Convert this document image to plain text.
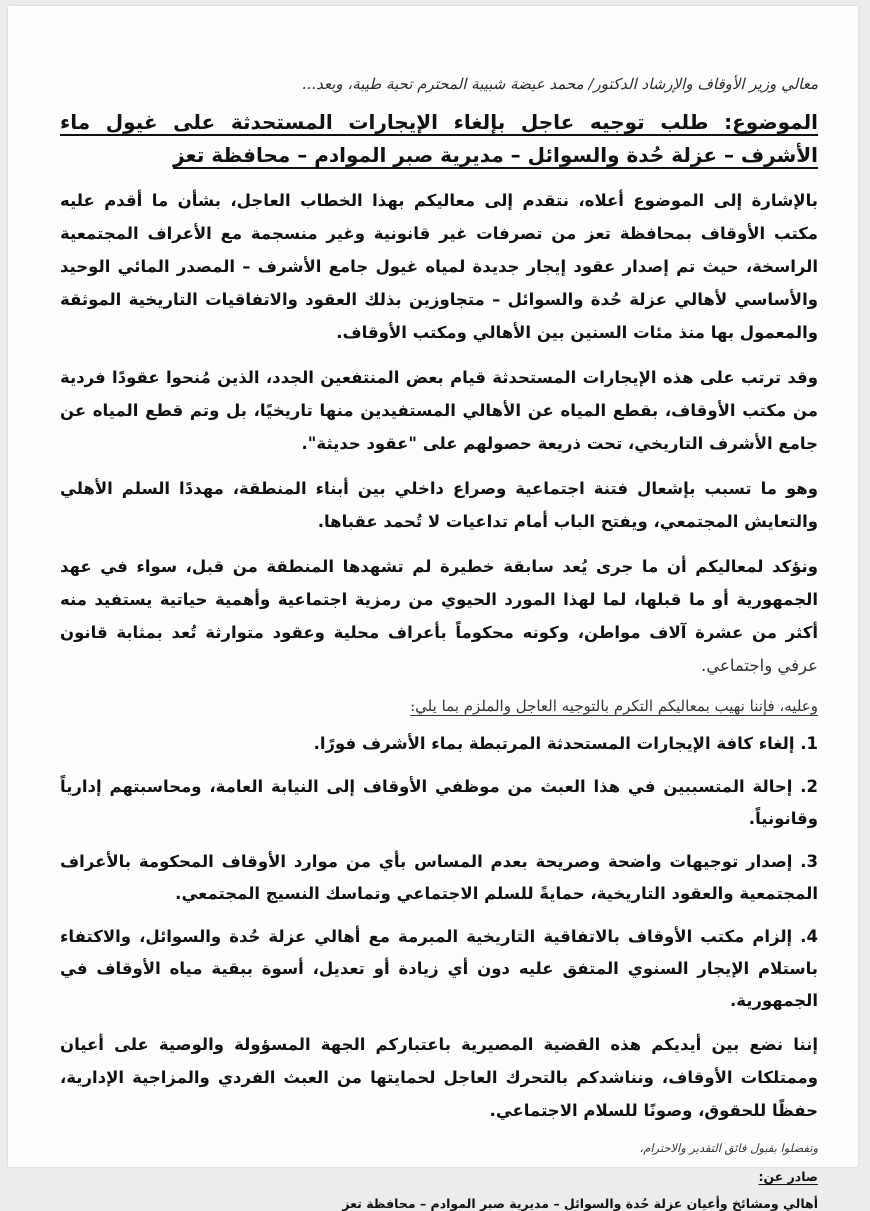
معالي وزير الأوقاف والإرشاد الدكتور/ محمد عيضة شبيبة المحترم تحية طيبة، وبعد...

الموضوع: طلب توجيه عاجل بإلغاء الإيجارات المستحدثة على غيول ماء الأشرف – عزلة حُدة والسوائل – مديرية صبر الموادم – محافظة تعز

بالإشارة إلى الموضوع أعلاه، نتقدم إلى معاليكم بهذا الخطاب العاجل، بشأن ما أقدم عليه مكتب الأوقاف بمحافظة تعز من تصرفات غير قانونية وغير منسجمة مع الأعراف المجتمعية الراسخة، حيث تم إصدار عقود إيجار جديدة لمياه غيول جامع الأشرف – المصدر المائي الوحيد والأساسي لأهالي عزلة حُدة والسوائل – متجاوزين بذلك العقود والاتفاقيات التاريخية الموثقة والمعمول بها منذ مئات السنين بين الأهالي ومكتب الأوقاف.

وقد ترتب على هذه الإيجارات المستحدثة قيام بعض المنتفعين الجدد، الذين مُنحوا عقودًا فردية من مكتب الأوقاف، بقطع المياه عن الأهالي المستفيدين منها تاريخيًا، بل وتم قطع المياه عن جامع الأشرف التاريخي، تحت ذريعة حصولهم على "عقود حديثة".

وهو ما تسبب بإشعال فتنة اجتماعية وصراع داخلي بين أبناء المنطقة، مهددًا السلم الأهلي والتعايش المجتمعي، ويفتح الباب أمام تداعيات لا تُحمد عقباها.

ونؤكد لمعاليكم أن ما جرى يُعد سابقة خطيرة لم تشهدها المنطقة من قبل، سواء في عهد الجمهورية أو ما قبلها، لما لهذا المورد الحيوي من رمزية اجتماعية وأهمية حياتية يستفيد منه أكثر من عشرة آلاف مواطن، وكونه محكوماً بأعراف محلية وعقود متوارثة تُعد بمثابة قانون عرفي واجتماعي.

وعليه، فإننا نهيب بمعاليكم التكرم بالتوجيه العاجل والملزم بما يلي:

1. إلغاء كافة الإيجارات المستحدثة المرتبطة بماء الأشرف فورًا.
2. إحالة المتسببين في هذا العبث من موظفي الأوقاف إلى النيابة العامة، ومحاسبتهم إدارياً وقانونياً.
3. إصدار توجيهات واضحة وصريحة بعدم المساس بأي من موارد الأوقاف المحكومة بالأعراف المجتمعية والعقود التاريخية، حمايةً للسلم الاجتماعي وتماسك النسيج المجتمعي.
4. إلزام مكتب الأوقاف بالاتفاقية التاريخية المبرمة مع أهالي عزلة حُدة والسوائل، والاكتفاء باستلام الإيجار السنوي المتفق عليه دون أي زيادة أو تعديل، أسوة ببقية مياه الأوقاف في الجمهورية.

إننا نضع بين أيديكم هذه القضية المصيرية باعتباركم الجهة المسؤولة والوصية على أعيان وممتلكات الأوقاف، ونناشدكم بالتحرك العاجل لحمايتها من العبث الفردي والمزاجية الإدارية، حفظًا للحقوق، وصونًا للسلام الاجتماعي.

وتفضلوا بقبول فائق التقدير والاحترام،

صادر عن:

أهالي ومشائخ وأعيان عزلة حُدة والسوائل – مديرية صبر الموادم – محافظة تعز
